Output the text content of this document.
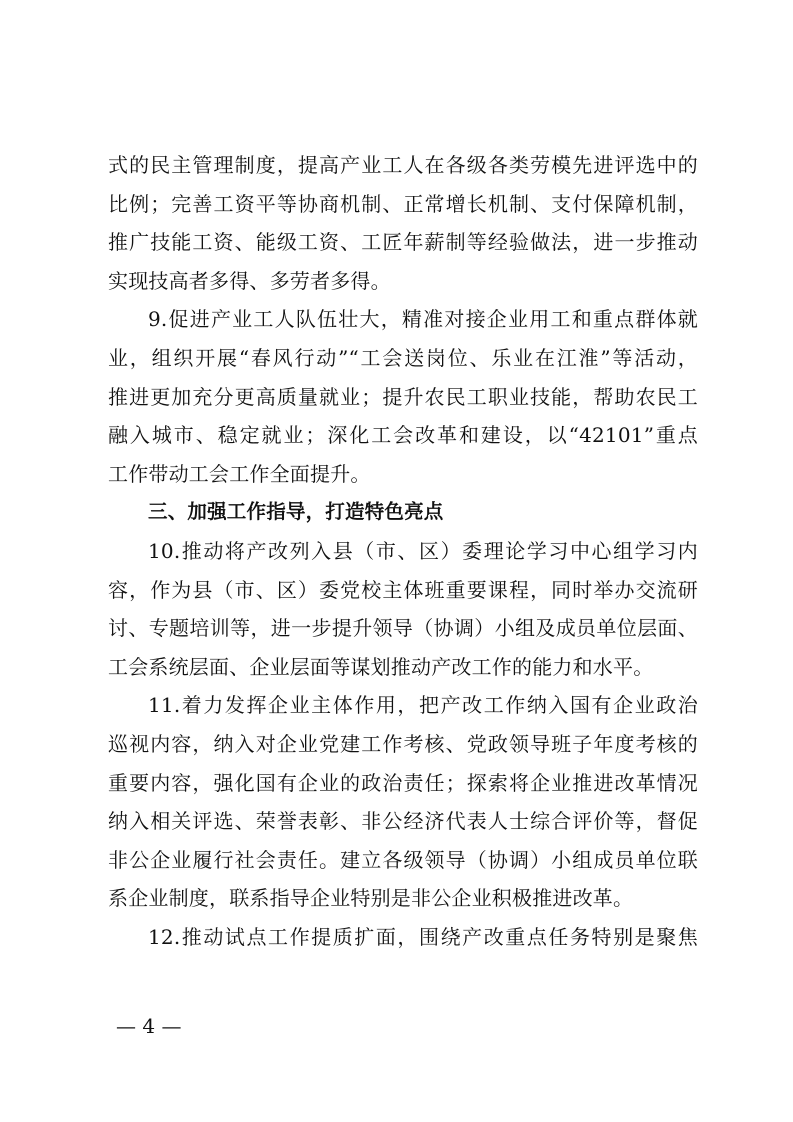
式的民主管理制度，提高产业工人在各级各类劳模先进评选中的
比例；完善工资平等协商机制、正常增长机制、支付保障机制，
推广技能工资、能级工资、工匠年薪制等经验做法，进一步推动
实现技高者多得、多劳者多得。
9.促进产业工人队伍壮大，精准对接企业用工和重点群体就
业，组织开展“春风行动”“工会送岗位、乐业在江淮”等活动，
推进更加充分更高质量就业；提升农民工职业技能，帮助农民工
融入城市、稳定就业；深化工会改革和建设，以“42101”重点
工作带动工会工作全面提升。
三、加强工作指导，打造特色亮点
10.推动将产改列入县（市、区）委理论学习中心组学习内
容，作为县（市、区）委党校主体班重要课程，同时举办交流研
讨、专题培训等，进一步提升领导（协调）小组及成员单位层面、
工会系统层面、企业层面等谋划推动产改工作的能力和水平。
11.着力发挥企业主体作用，把产改工作纳入国有企业政治
巡视内容，纳入对企业党建工作考核、党政领导班子年度考核的
重要内容，强化国有企业的政治责任；探索将企业推进改革情况
纳入相关评选、荣誉表彰、非公经济代表人士综合评价等，督促
非公企业履行社会责任。建立各级领导（协调）小组成员单位联
系企业制度，联系指导企业特别是非公企业积极推进改革。
12.推动试点工作提质扩面，围绕产改重点任务特别是聚焦
— 4 —
